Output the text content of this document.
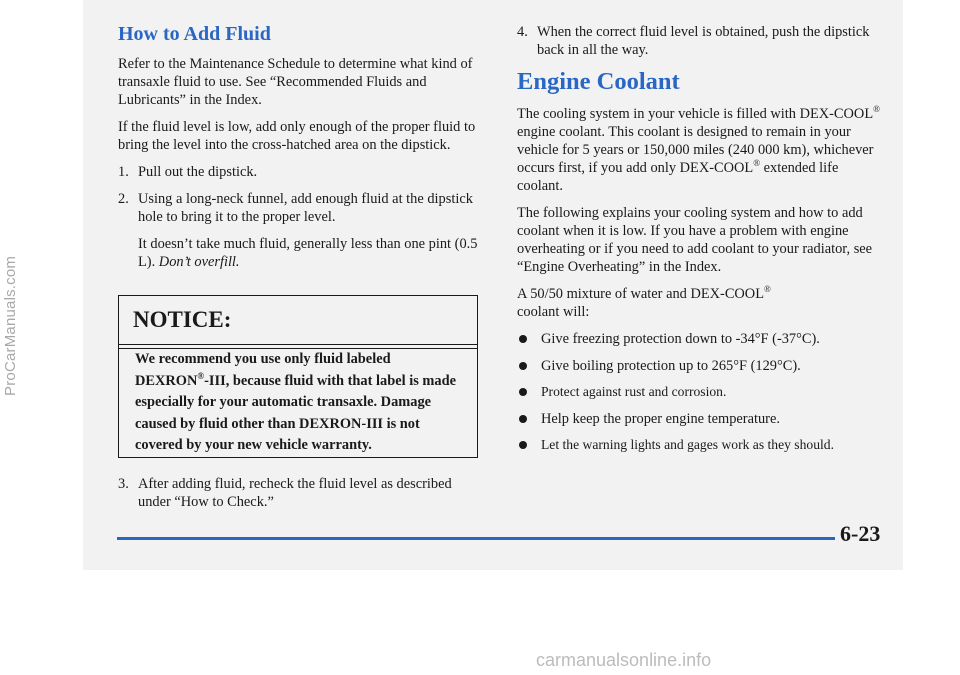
ProCarManuals.com
How to Add Fluid

Refer to the Maintenance Schedule to determine what kind of transaxle fluid to use. See “Recommended Fluids and Lubricants” in the Index.

If the fluid level is low, add only enough of the proper fluid to bring the level into the cross-hatched area on the dipstick.

1. Pull out the dipstick.
2. Using a long-neck funnel, add enough fluid at the dipstick hole to bring it to the proper level.

It doesn’t take much fluid, generally less than one pint (0.5 L). Don’t overfill.

NOTICE:
We recommend you use only fluid labeled DEXRON®-III, because fluid with that label is made especially for your automatic transaxle. Damage caused by fluid other than DEXRON-III is not covered by your new vehicle warranty.
3. After adding fluid, recheck the fluid level as described under “How to Check.”
4. When the correct fluid level is obtained, push the dipstick back in all the way.
Engine Coolant

The cooling system in your vehicle is filled with DEX-COOL® engine coolant. This coolant is designed to remain in your vehicle for 5 years or 150,000 miles (240 000 km), whichever occurs first, if you add only DEX-COOL® extended life coolant.

The following explains your cooling system and how to add coolant when it is low. If you have a problem with engine overheating or if you need to add coolant to your radiator, see “Engine Overheating” in the Index.

A 50/50 mixture of water and DEX-COOL®
coolant will:

Give freezing protection down to -34°F (-37°C).
Give boiling protection up to 265°F (129°C).
Protect against rust and corrosion.
Help keep the proper engine temperature.
Let the warning lights and gages work as they should.
6-23
carmanualsonline.info
